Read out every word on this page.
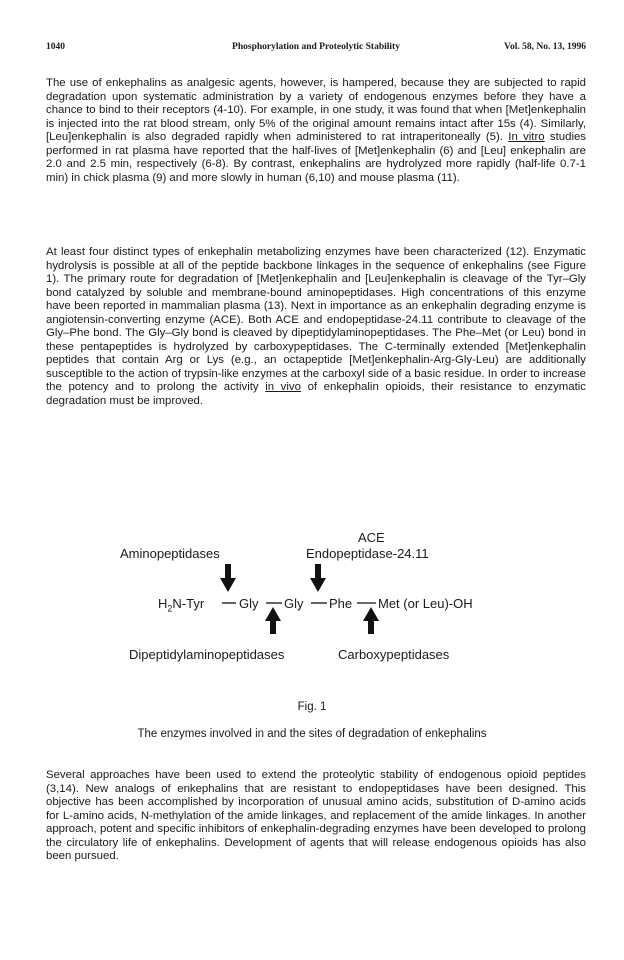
1040	Phosphorylation and Proteolytic Stability	Vol. 58, No. 13, 1996

The use of enkephalins as analgesic agents, however, is hampered, because they are subjected to rapid degradation upon systematic administration by a variety of endogenous enzymes before they have a chance to bind to their receptors (4-10). For example, in one study, it was found that when [Met]enkephalin is injected into the rat blood stream, only 5% of the original amount remains intact after 15s (4). Similarly, [Leu]enkephalin is also degraded rapidly when administered to rat intraperitoneally (5). In vitro studies performed in rat plasma have reported that the half-lives of [Met]enkephalin (6) and [Leu] enkephalin are 2.0 and 2.5 min, respectively (6-8). By contrast, enkephalins are hydrolyzed more rapidly (half-life 0.7-1 min) in chick plasma (9) and more slowly in human (6,10) and mouse plasma (11).

At least four distinct types of enkephalin metabolizing enzymes have been characterized (12). Enzymatic hydrolysis is possible at all of the peptide backbone linkages in the sequence of enkephalins (see Figure 1). The primary route for degradation of [Met]enkephalin and [Leu]enkephalin is cleavage of the Tyr–Gly bond catalyzed by soluble and membrane-bound aminopeptidases. High concentrations of this enzyme have been reported in mammalian plasma (13). Next in importance as an enkephalin degrading enzyme is angiotensin-converting enzyme (ACE). Both ACE and endopeptidase-24.11 contribute to cleavage of the Gly–Phe bond. The Gly–Gly bond is cleaved by dipeptidylaminopeptidases. The Phe–Met (or Leu) bond in these pentapeptides is hydrolyzed by carboxypeptidases. The C-terminally extended [Met]enkephalin peptides that contain Arg or Lys (e.g., an octapeptide [Met]enkephalin-Arg-Gly-Leu) are additionally susceptible to the action of trypsin-like enzymes at the carboxyl side of a basic residue. In order to increase the potency and to prolong the activity in vivo of enkephalin opioids, their resistance to enzymatic degradation must be improved.

ACE
Aminopeptidases	Endopeptidase-24.11
$H_2N$-Tyr	Gly Gly Phe Met (or Leu)-OH
Dipeptidylaminopeptidases	Carboxypeptidases
Fig. 1
The enzymes involved in and the sites of degradation of enkephalins

Several approaches have been used to extend the proteolytic stability of endogenous opioid peptides (3,14). New analogs of enkephalins that are resistant to endopeptidases have been designed. This objective has been accomplished by incorporation of unusual amino acids, substitution of D-amino acids for L-amino acids, N-methylation of the amide linkages, and replacement of the amide linkages. In another approach, potent and specific inhibitors of enkephalin-degrading enzymes have been developed to prolong the circulatory life of enkephalins. Development of agents that will release endogenous opioids has also been pursued.
